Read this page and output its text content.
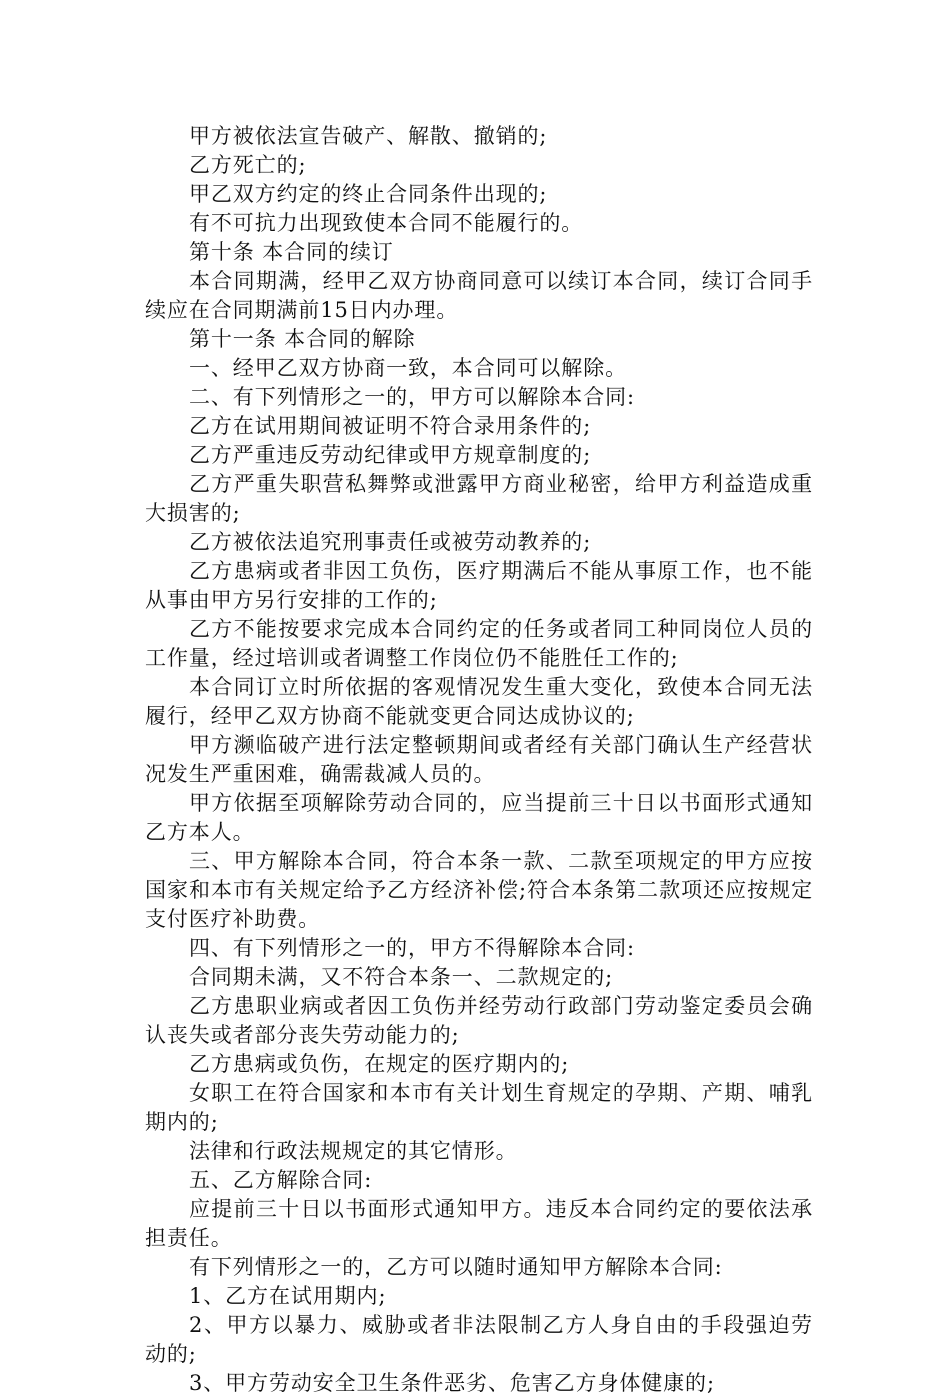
甲方被依法宣告破产、解散、撤销的;

乙方死亡的;

甲乙双方约定的终止合同条件出现的;

有不可抗力出现致使本合同不能履行的。

第十条 本合同的续订

本合同期满，经甲乙双方协商同意可以续订本合同，续订合同手续应在合同期满前15日内办理。

第十一条 本合同的解除

一、经甲乙双方协商一致，本合同可以解除。

二、有下列情形之一的，甲方可以解除本合同:

乙方在试用期间被证明不符合录用条件的;

乙方严重违反劳动纪律或甲方规章制度的;

乙方严重失职营私舞弊或泄露甲方商业秘密，给甲方利益造成重大损害的;

乙方被依法追究刑事责任或被劳动教养的;

乙方患病或者非因工负伤，医疗期满后不能从事原工作，也不能从事由甲方另行安排的工作的;

乙方不能按要求完成本合同约定的任务或者同工种同岗位人员的工作量，经过培训或者调整工作岗位仍不能胜任工作的;

本合同订立时所依据的客观情况发生重大变化，致使本合同无法履行，经甲乙双方协商不能就变更合同达成协议的;

甲方濒临破产进行法定整顿期间或者经有关部门确认生产经营状况发生严重困难，确需裁减人员的。

甲方依据至项解除劳动合同的，应当提前三十日以书面形式通知乙方本人。

三、甲方解除本合同，符合本条一款、二款至项规定的甲方应按国家和本市有关规定给予乙方经济补偿;符合本条第二款项还应按规定支付医疗补助费。

四、有下列情形之一的，甲方不得解除本合同:

合同期未满，又不符合本条一、二款规定的;

乙方患职业病或者因工负伤并经劳动行政部门劳动鉴定委员会确认丧失或者部分丧失劳动能力的;

乙方患病或负伤，在规定的医疗期内的;

女职工在符合国家和本市有关计划生育规定的孕期、产期、哺乳期内的;

法律和行政法规规定的其它情形。

五、乙方解除合同:

应提前三十日以书面形式通知甲方。违反本合同约定的要依法承担责任。

有下列情形之一的，乙方可以随时通知甲方解除本合同:

1、乙方在试用期内;

2、甲方以暴力、威胁或者非法限制乙方人身自由的手段强迫劳动的;

3、甲方劳动安全卫生条件恶劣、危害乙方身体健康的;
